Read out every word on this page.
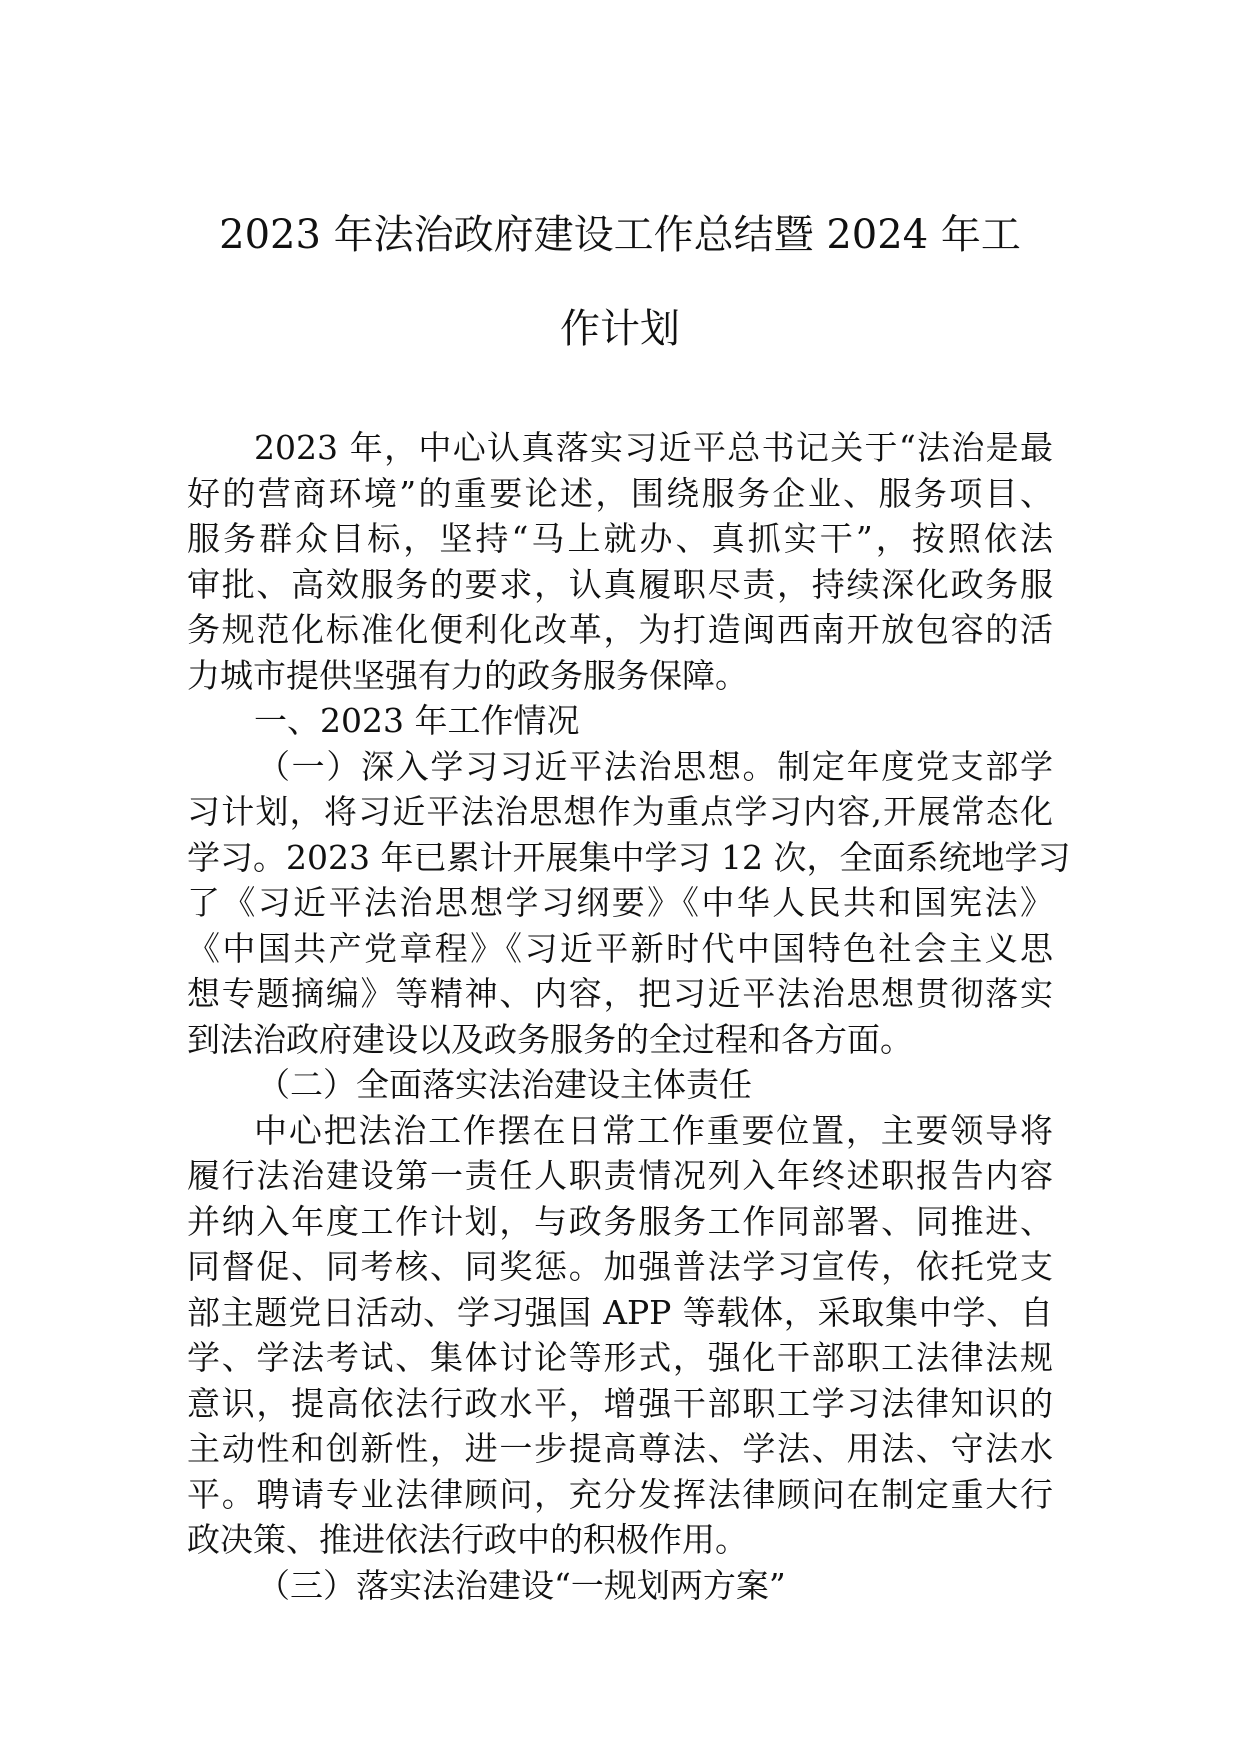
2023 年法治政府建设工作总结暨 2024 年工
作计划
2023 年，中心认真落实习近平总书记关于“法治是最
好的营商环境”的重要论述，围绕服务企业、服务项目、
服务群众目标，坚持“马上就办、真抓实干”，按照依法
审批、高效服务的要求，认真履职尽责，持续深化政务服
务规范化标准化便利化改革，为打造闽西南开放包容的活
力城市提供坚强有力的政务服务保障。
一、2023 年工作情况
（一）深入学习习近平法治思想。制定年度党支部学
习计划，将习近平法治思想作为重点学习内容,开展常态化
学习。2023 年已累计开展集中学习 12 次，全面系统地学习
了《习近平法治思想学习纲要》《中华人民共和国宪法》
《中国共产党章程》《习近平新时代中国特色社会主义思
想专题摘编》等精神、内容，把习近平法治思想贯彻落实
到法治政府建设以及政务服务的全过程和各方面。
（二）全面落实法治建设主体责任
中心把法治工作摆在日常工作重要位置，主要领导将
履行法治建设第一责任人职责情况列入年终述职报告内容
并纳入年度工作计划，与政务服务工作同部署、同推进、
同督促、同考核、同奖惩。加强普法学习宣传，依托党支
部主题党日活动、学习强国 APP 等载体，采取集中学、自
学、学法考试、集体讨论等形式，强化干部职工法律法规
意识，提高依法行政水平，增强干部职工学习法律知识的
主动性和创新性，进一步提高尊法、学法、用法、守法水
平。聘请专业法律顾问，充分发挥法律顾问在制定重大行
政决策、推进依法行政中的积极作用。
（三）落实法治建设“一规划两方案”
